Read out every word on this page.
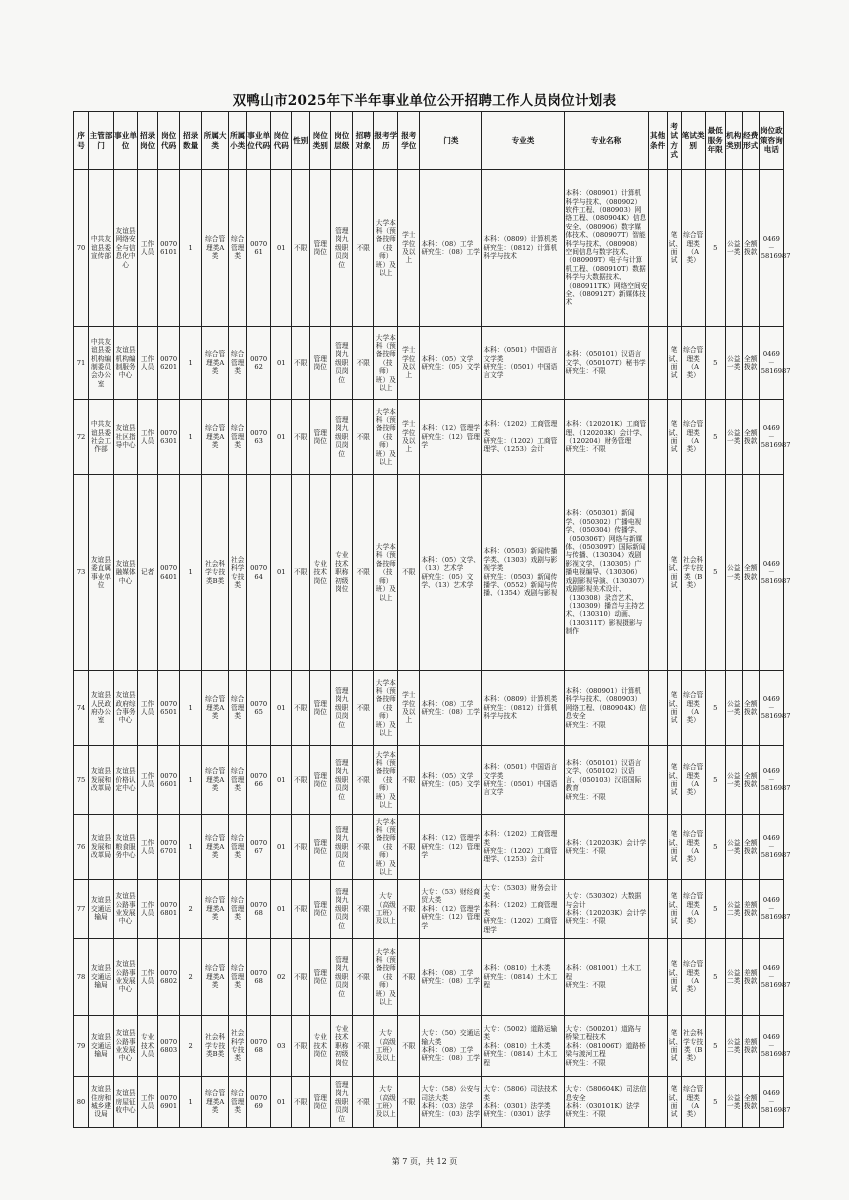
双鸭山市2025年下半年事业单位公开招聘工作人员岗位计划表
序号	主管部门	事业单位	招录岗位	岗位代码	招录数量	所属大类	所属小类	事业单位代码	岗位代码	性别	岗位类别	岗位层级	招聘对象	报考学历	报考学位	门类	专业类	专业名称	其他条件	考试方式	笔试类别	最低服务年限	机构类别	经费形式	岗位政策咨询电话

70	中共友谊县委宣传部	友谊县网络安全与信息化中心	工作人员	0070 6101	1	综合管理类A类	综合管理类	0070 61	01	不限	管理岗位	管理岗九级职员岗位	不限	大学本科（预备技师（技师）班）及以上	学士学位及以上	本科：（08）工学
研究生：（08）工学	本科：（0809）计算机类
研究生：（0812）计算机科学与技术	本科：（080901）计算机科学与技术、（080902）软件工程、（080903）网络工程、（080904K）信息安全、（080906）数字媒体技术、（080907T）智能科学与技术、（080908）空间信息与数字技术、（080909T）电子与计算机工程、（080910T）数据科学与大数据技术、（080911TK）网络空间安全、（080912T）新媒体技术		笔试、面试	综合管理类（A类）	5	公益一类	全额拨款	0469－5816987

71	中共友谊县委机构编制委员会办公室	友谊县机构编制服务中心	工作人员	0070 6201	1	综合管理类A类	综合管理类	0070 62	01	不限	管理岗位	管理岗九级职员岗位	不限	大学本科（预备技师（技师）班）及以上	学士学位及以上	本科：（05）文学
研究生：（05）文学	本科：（0501）中国语言文学类
研究生：（0501）中国语言文学	本科：（050101）汉语言文学、（050107T）秘书学
研究生：不限		笔试、面试	综合管理类（A类）	5	公益一类	全额拨款	0469－5816987

72	中共友谊县委社会工作部	友谊县社区指导中心	工作人员	0070 6301	1	综合管理类A类	综合管理类	0070 63	01	不限	管理岗位	管理岗九级职员岗位	不限	大学本科（预备技师（技师）班）及以上	学士学位及以上	本科：（12）管理学
研究生：（12）管理学	本科：（1202）工商管理类
研究生：（1202）工商管理学、（1253）会计	本科：（120201K）工商管理、（120203K）会计学、（120204）财务管理
研究生：不限		笔试、面试	综合管理类（A类）	5	公益一类	全额拨款	0469－5816987

73	友谊县委直属事业单位	友谊县融媒体中心	记者	0070 6401	1	社会科学专技类B类	社会科学专技类	0070 64	01	不限	专业技术岗位	专业技术职称初级岗位	不限	大学本科（预备技师（技师）班）及以上	不限	本科：（05）文学、（13）艺术学
研究生：（05）文学、（13）艺术学	本科：（0503）新闻传播学类、（1303）戏剧与影视学类
研究生：（0503）新闻传播学、（0552）新闻与传播、（1354）戏剧与影视	本科：（050301）新闻学、（050302）广播电视学、（050304）传播学、（050306T）网络与新媒体、（050309T）国际新闻与传播、（130304）戏剧影视文学、（130305）广播电视编导、（130306）戏剧影视导演、（130307）戏剧影视美术设计、（130308）录音艺术、（130309）播音与主持艺术、（130310）动画、（130311T）影视摄影与制作		笔试、面试	社会科学专技类（B类）	5	公益一类	全额拨款	0469－5816987

74	友谊县人民政府办公室	友谊县政府综合事务中心	工作人员	0070 6501	1	综合管理类A类	综合管理类	0070 65	01	不限	管理岗位	管理岗九级职员岗位	不限	大学本科（预备技师（技师）班）及以上	学士学位及以上	本科：（08）工学
研究生：（08）工学	本科：（0809）计算机类
研究生：（0812）计算机科学与技术	本科：（080901）计算机科学与技术、（080903）网络工程、（080904K）信息安全
研究生：不限		笔试、面试	综合管理类（A类）	5	公益一类	全额拨款	0469－5816987

75	友谊县发展和改革局	友谊县价格认定中心	工作人员	0070 6601	1	综合管理类A类	综合管理类	0070 66	01	不限	管理岗位	管理岗九级职员岗位	不限	大学本科（预备技师（技师）班）及以上	不限	本科：（05）文学
研究生：（05）文学	本科：（0501）中国语言文学类
研究生：（0501）中国语言文学	本科：（050101）汉语言文学、（050102）汉语言、（050103）汉语国际教育
研究生：不限		笔试、面试	综合管理类（A类）	5	公益一类	全额拨款	0469－5816987

76	友谊县发展和改革局	友谊县粮食服务中心	工作人员	0070 6701	1	综合管理类A类	综合管理类	0070 67	01	不限	管理岗位	管理岗九级职员岗位	不限	大学本科（预备技师（技师）班）及以上	不限	本科：（12）管理学
研究生：（12）管理学	本科：（1202）工商管理类
研究生：（1202）工商管理学、（1253）会计	本科：（120203K）会计学
研究生：不限		笔试、面试	综合管理类（A类）	5	公益一类	全额拨款	0469－5816987

77	友谊县交通运输局	友谊县公路事业发展中心	工作人员	0070 6801	2	综合管理类A类	综合管理类	0070 68	01	不限	管理岗位	管理岗九级职员岗位	不限	大专（高级工班）及以上	不限	大专：（53）财经商贸大类
本科：（12）管理学
研究生：（12）管理学	大专：（5303）财务会计类
本科：（1202）工商管理类
研究生：（1202）工商管理学	大专：（530302）大数据与会计
本科：（120203K）会计学
研究生：不限		笔试、面试	综合管理类（A类）	5	公益二类	差额拨款	0469－5816987

78	友谊县交通运输局	友谊县公路事业发展中心	工作人员	0070 6802	2	综合管理类A类	综合管理类	0070 68	02	不限	管理岗位	管理岗九级职员岗位	不限	大学本科（预备技师（技师）班）及以上	不限	本科：（08）工学
研究生：（08）工学	本科：（0810）土木类
研究生：（0814）土木工程	本科：（081001）土木工程
研究生：不限		笔试、面试	综合管理类（A类）	5	公益二类	差额拨款	0469－5816987

79	友谊县交通运输局	友谊县公路事业发展中心	专业技术人员	0070 6803	2	社会科学专技类B类	社会科学专技类	0070 68	03	不限	专业技术岗位	专业技术职称初级岗位	不限	大专（高级工班）及以上	不限	大专：（50）交通运输大类
本科：（08）工学
研究生：（08）工学	大专：（5002）道路运输类
本科：（0810）土木类
研究生：（0814）土木工程	大专：（500201）道路与桥梁工程技术
本科：（081006T）道路桥梁与渡河工程
研究生：不限		笔试、面试	社会科学专技类（B类）	5	公益二类	差额拨款	0469－5816987

80	友谊县住房和城乡建设局	友谊县房屋征收中心	工作人员	0070 6901	1	综合管理类A类	综合管理类	0070 69	01	不限	管理岗位	管理岗九级职员岗位	不限	大专（高级工班）及以上	不限	大专：（58）公安与司法大类
本科：（03）法学
研究生：（03）法学	大专：（5806）司法技术类
本科：（0301）法学类
研究生：（0301）法学	大专：（580604K）司法信息安全
本科：（030101K）法学
研究生：不限		笔试、面试	综合管理类（A类）	5	公益一类	全额拨款	0469－5816987
第 7 页，共 12 页
